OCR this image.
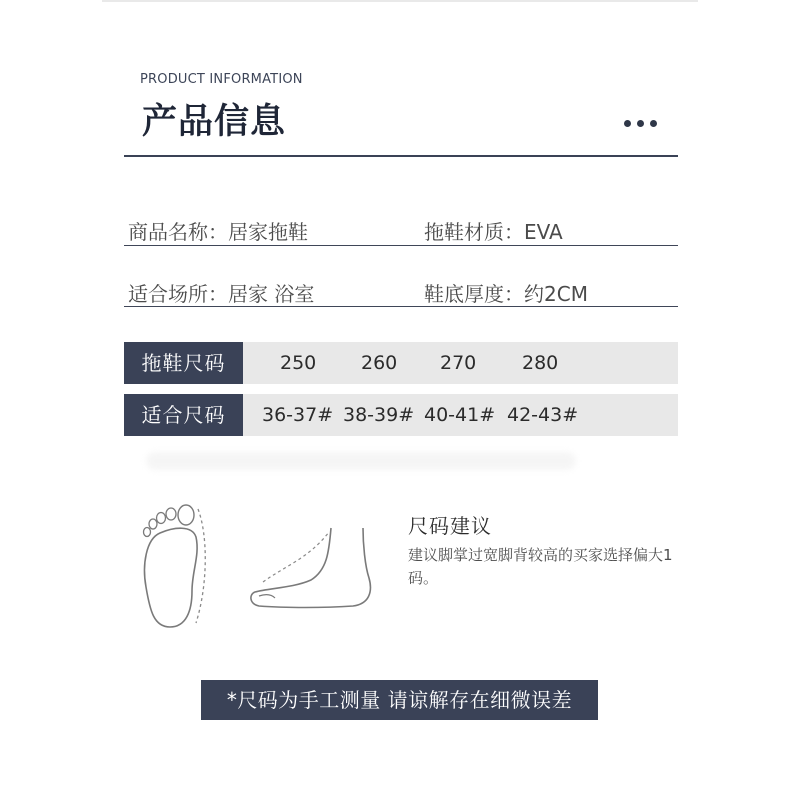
PRODUCT INFORMATION
产品信息
商品名称：居家拖鞋	拖鞋材质：EVA
适合场所：居家 浴室	鞋底厚度：约2CM
拖鞋尺码	250 260 270 280
适合尺码	36-37# 38-39# 40-41# 42-43#
尺码建议
建议脚掌过宽脚背较高的买家选择偏大1码。
*尺码为手工测量 请谅解存在细微误差
